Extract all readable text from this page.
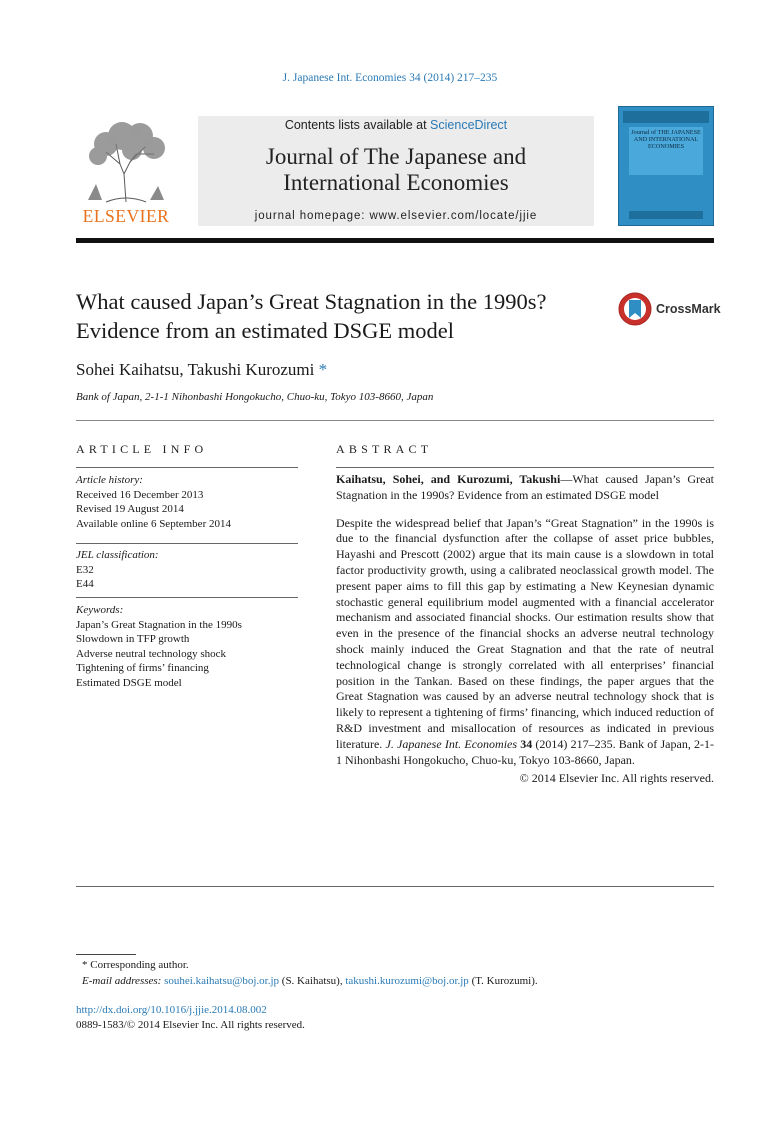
J. Japanese Int. Economies 34 (2014) 217–235
ELSEVIER
Contents lists available at ScienceDirect
Journal of The Japanese and
International Economies
journal homepage: www.elsevier.com/locate/jjie
Journal of THE JAPANESE AND INTERNATIONAL ECONOMIES
What caused Japan’s Great Stagnation in the 1990s? Evidence from an estimated DSGE model
CrossMark
Sohei Kaihatsu, Takushi Kurozumi *
Bank of Japan, 2-1-1 Nihonbashi Hongokucho, Chuo-ku, Tokyo 103-8660, Japan
ARTICLE INFO	ABSTRACT
Article history:
Received 16 December 2013
Revised 19 August 2014
Available online 6 September 2014
JEL classification:
E32
E44
Keywords:
Japan’s Great Stagnation in the 1990s
Slowdown in TFP growth
Adverse neutral technology shock
Tightening of firms’ financing
Estimated DSGE model

Kaihatsu, Sohei, and Kurozumi, Takushi—What caused Japan’s Great Stagnation in the 1990s? Evidence from an estimated DSGE model

Despite the widespread belief that Japan’s “Great Stagnation” in the 1990s is due to the financial dysfunction after the collapse of asset price bubbles, Hayashi and Prescott (2002) argue that its main cause is a slowdown in total factor productivity growth, using a calibrated neoclassical growth model. The present paper aims to fill this gap by estimating a New Keynesian dynamic stochastic general equilibrium model augmented with a financial accelerator mechanism and associated financial shocks. Our estimation results show that even in the presence of the financial shocks an adverse neutral technology shock mainly induced the Great Stagnation and that the rate of neutral technological change is strongly correlated with all enterprises’ financial position in the Tankan. Based on these findings, the paper argues that the Great Stagnation was caused by an adverse neutral technology shock that is likely to represent a tightening of firms’ financing, which induced reduction of R&D investment and misallocation of resources as indicated in previous literature. J. Japanese Int. Economies 34 (2014) 217–235. Bank of Japan, 2-1-1 Nihonbashi Hongokucho, Chuo-ku, Tokyo 103-8660, Japan.

© 2014 Elsevier Inc. All rights reserved.
* Corresponding author.
E-mail addresses: souhei.kaihatsu@boj.or.jp (S. Kaihatsu), takushi.kurozumi@boj.or.jp (T. Kurozumi).
http://dx.doi.org/10.1016/j.jjie.2014.08.002
0889-1583/© 2014 Elsevier Inc. All rights reserved.
